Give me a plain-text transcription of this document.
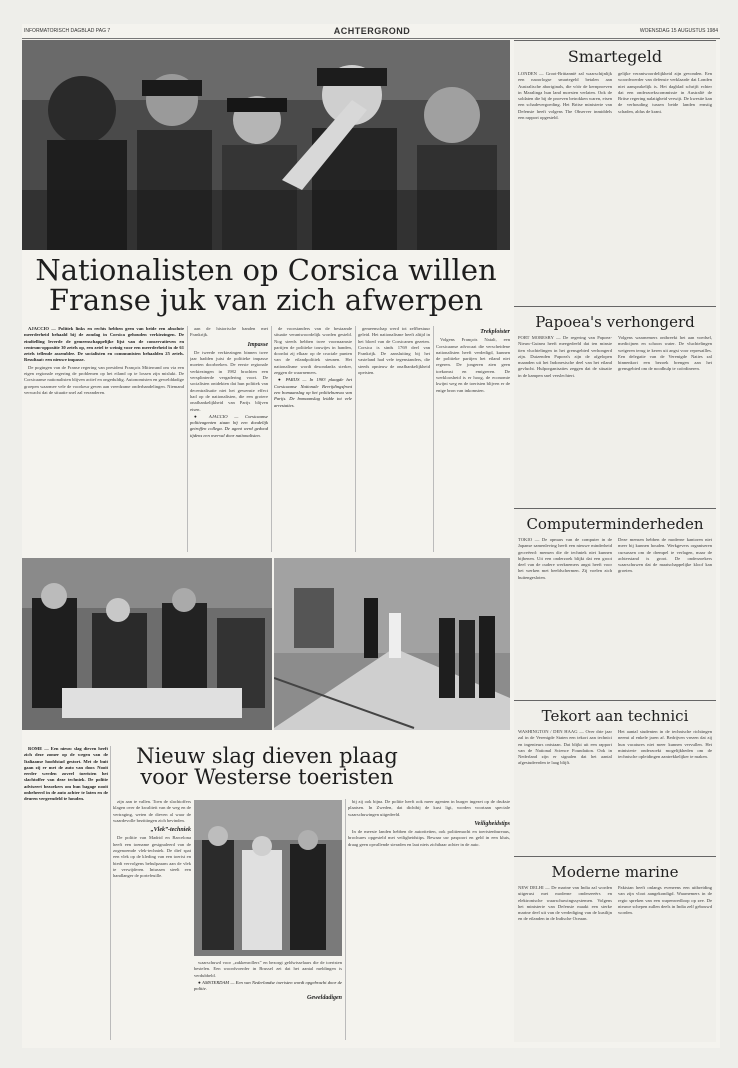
INFORMATORISCH DAGBLAD PAG 7	ACHTERGROND	WOENSDAG 15 AUGUSTUS 1984
Nationalisten op Corsica willen
Franse juk van zich afwerpen

AJACCIO — Politiek links en rechts hebben geen van beide een absolute meerderheid behaald bij de zondag in Corsica gehouden verkiezingen. De eindtelling leverde de gemeenschappelijke lijst van de conservatieven en centrum-oppositie 30 zetels op, een zetel te weinig voor een meerderheid in de 61 zetels tellende assemblee. De socialisten en communisten behaalden 25 zetels. Resultaat: een nieuwe impasse.

De pogingen van de Franse regering van president François Mitterrand om via een eigen regionale regering de problemen op het eiland op te lossen zijn mislukt. De Corsicaanse nationalisten blijven actief en ongeduldig. Autonomisten en gewelddadige groepen waarmee vele de voorkeur geven aan vreedzame onderhandelingen. Niemand verwacht dat de situatie snel zal veranderen.

aan de historische banden met Frankrijk.

Impasse

De tweede verkiezingen binnen twee jaar hadden juist de politieke impasse moeten doorbreken. De eerste regionale verkiezingen in 1982 brachten een versplinterde vergadering voort. De socialisten ontdekten dat hun politiek van decentralisatie niet het gewenste effect had op de nationalisten, die een grotere onafhankelijkheid van Parijs blijven eisen.

● AJACCIO — Corsicaanse politieagenten staan bij een doodelijk getroffen collega. De agent werd gedood tijdens een overval door nationalisten.

de voorstanders van de bestaande situatie verantwoordelijk worden gesteld. Nog steeds hebben twee voornaamste partijen de politieke touwtjes in handen, doordat zij elkaar op de cruciale punten van de eilandpolitiek steunen. Het nationalisme wordt desondanks sterker, zeggen de waarnemers.

● PARIJS — In 1983 plaagde het Corsicaanse Nationale Bevrijdingsfront een bomaanslag op het politiebureau van Parijs. De bomaanslag leidde tot vele arrestaties.

gemeenschap werd tot zelfbestuur geleid. Het nationalisme heeft altijd in het bloed van de Corsicanen gezeten. Corsica is sinds 1769 deel van Frankrijk. De aansluiting bij het vasteland had vele tegenstanders, die steeds opnieuw de onafhankelijkheid opeisten.

Trekploister

Volgens François Natali, een Corsicaanse advocaat die verscheidene nationalisten heeft verdedigd, kunnen de politieke partijen het eiland niet regeren. De jongeren zien geen toekomst en emigreren. De werkloosheid is er hoog, de economie kwijnt weg en de toeristen blijven er de enige bron van inkomsten.

Nieuw slag dieven plaag
voor Westerse toeristen

ROME — Een nieuw slag dieven heeft zich deze zomer op de wegen van de Italiaanse hoofdstad gestort. Met de buit gaan zij er met de auto van door. Nooit eerder werden zoveel toeristen het slachtoffer van deze techniek. De politie adviseert bezoekers om hun bagage nooit onbeheerd in de auto achter te laten en de deuren vergrendeld te houden.

zijn aan te vallen. Toen de slachtoffers klagen over de kwaliteit van de weg en de vertraging, weten de dieven al waar de waardevolle bezittingen zich bevinden.

„Vlek”-techniek

De politie van Madrid en Barcelona heeft een toename gesignaleerd van de zogenoemde vlek-techniek. De dief spat een vlek op de kleding van een toerist en biedt vervolgens behulpzaam aan de vlek te verwijderen. Intussen steelt een handlanger de portefeuille.

waarschuwd voor „zakkenrollers” en bezorgt geldwisselaars die de toeristen bestelen. Een woordvoerder in Brussel zei dat het aantal meldingen is verdubbeld.

● AMSTERDAM — Een van Nederlandse toeristen wordt opgebracht door de politie.

Geweldadigen

bij zij ook bijna. De politie heeft ook meer agenten in burger ingezet op de drukste plaatsen. In Zweden, dat dichtbij de kust ligt, worden voortaan speciale waarschuwingen uitgedeeld.

Veiligheidstips

In de meeste landen hebben de autoriteiten, ook politiemacht en toeristenbureaus, brochures opgesteld met veiligheidstips. Bewaar uw paspoort en geld in een kluis, draag geen opvallende sieraden en laat niets zichtbaar achter in de auto.

Smartegeld
LONDEN — Groot-Brittannië zal waarschijnlijk een naoorlogse smartegeld betalen aan Australische aboriginals, die vóór de kernproeven in Maralinga hun land moesten verlaten. Ook de soldaten die bij de proeven betrokken waren, eisen een schadevergoeding. Het Britse ministerie van Defensie heeft volgens The Observer inmiddels een rapport opgesteld.
gelijke verantwoordelijkheid zijn gevonden. Een woordvoerder van defensie verklaarde dat Londen niet aansprakelijk is. Het dagblad schrijft echter dat een onderzoekscommissie in Australië de Britse regering nalatigheid verwijt. De kwestie kan de verhouding tussen beide landen ernstig schaden, aldus de krant.
Papoea's verhongerd
PORT MORESBY — De regering van Papoea-Nieuw-Guinea heeft meegedeeld dat ten minste tien vluchtelingen in het grensgebied verhongerd zijn. Duizenden Papoea's zijn de afgelopen maanden uit het Indonesische deel van het eiland gevlucht. Hulporganisaties zeggen dat de situatie in de kampen snel verslechtert.
Volgens waarnemers ontbreekt het aan voedsel, medicijnen en schoon water. De vluchtelingen weigeren terug te keren uit angst voor represailles. Een delegatie van de Verenigde Naties zal binnenkort een bezoek brengen aan het grensgebied om de noodhulp te coördineren.
Computerminderheden
TOKIO — De opmars van de computer in de Japanse samenleving heeft een nieuwe minderheid gecreëerd: mensen die de techniek niet kunnen bijbenen. Uit een onderzoek blijkt dat een groot deel van de oudere werknemers angst heeft voor het werken met beeldschermen. Zij voelen zich buitengesloten.
Deze mensen hebben de moderne kantoren niet meer bij kunnen houden. Werkgevers organiseren cursussen om de drempel te verlagen, maar de achterstand is groot. De onderzoekers waarschuwen dat de maatschappelijke kloof kan groeien.
Tekort aan technici
WASHINGTON / DEN HAAG — Over drie jaar zal in de Verenigde Staten een tekort aan technici en ingenieurs ontstaan. Dat blijkt uit een rapport van de National Science Foundation. Ook in Nederland zijn er signalen dat het aantal afgestudeerden te laag blijft.
Het aantal studenten in de technische richtingen neemt al enkele jaren af. Bedrijven vrezen dat zij hun vacatures niet meer kunnen vervullen. Het ministerie onderzoekt mogelijkheden om de technische opleidingen aantrekkelijker te maken.
Moderne marine
NEW DELHI — De marine van India zal worden uitgerust met moderne onderzeeërs en elektronische waarschuwingssystemen. Volgens het ministerie van Defensie maakt een sterke marine deel uit van de verdediging van de kustlijn en de eilanden in de Indische Oceaan.
Pakistan heeft onlangs eveneens een uitbreiding van zijn vloot aangekondigd. Waarnemers in de regio spreken van een wapenwedloop op zee. De nieuwe schepen zullen deels in India zelf gebouwd worden.
